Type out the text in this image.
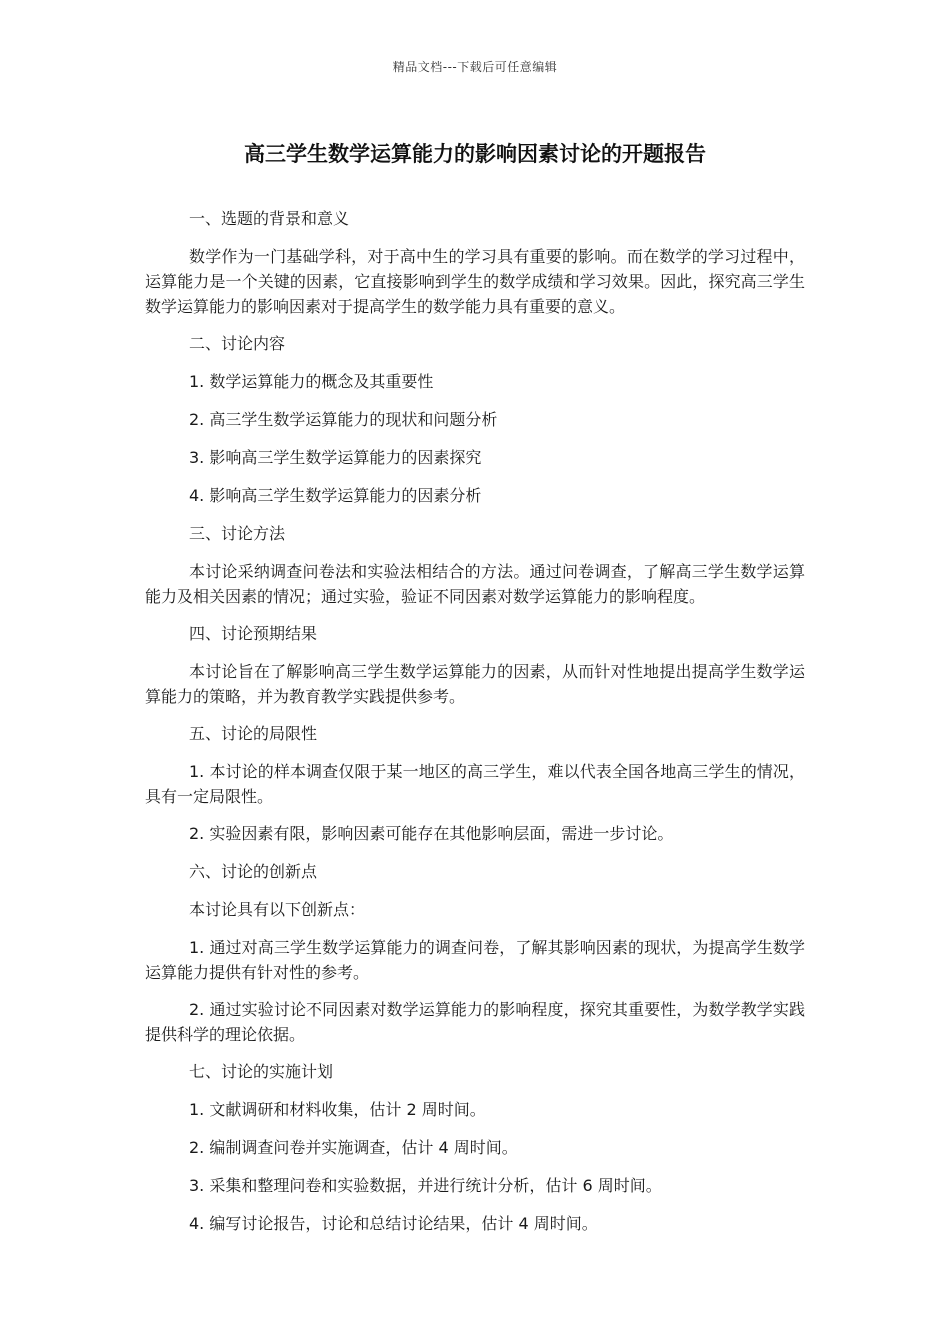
精品文档---下载后可任意编辑
高三学生数学运算能力的影响因素讨论的开题报告

一、选题的背景和意义

数学作为一门基础学科，对于高中生的学习具有重要的影响。而在数学的学习过程中，运算能力是一个关键的因素，它直接影响到学生的数学成绩和学习效果。因此，探究高三学生数学运算能力的影响因素对于提高学生的数学能力具有重要的意义。

二、讨论内容

1. 数学运算能力的概念及其重要性

2. 高三学生数学运算能力的现状和问题分析

3. 影响高三学生数学运算能力的因素探究

4. 影响高三学生数学运算能力的因素分析

三、讨论方法

本讨论采纳调查问卷法和实验法相结合的方法。通过问卷调查，了解高三学生数学运算能力及相关因素的情况；通过实验，验证不同因素对数学运算能力的影响程度。

四、讨论预期结果

本讨论旨在了解影响高三学生数学运算能力的因素，从而针对性地提出提高学生数学运算能力的策略，并为教育教学实践提供参考。

五、讨论的局限性

1. 本讨论的样本调查仅限于某一地区的高三学生，难以代表全国各地高三学生的情况，具有一定局限性。

2. 实验因素有限，影响因素可能存在其他影响层面，需进一步讨论。

六、讨论的创新点

本讨论具有以下创新点：

1. 通过对高三学生数学运算能力的调查问卷，了解其影响因素的现状，为提高学生数学运算能力提供有针对性的参考。

2. 通过实验讨论不同因素对数学运算能力的影响程度，探究其重要性，为数学教学实践提供科学的理论依据。

七、讨论的实施计划

1. 文献调研和材料收集，估计 2 周时间。

2. 编制调查问卷并实施调查，估计 4 周时间。

3. 采集和整理问卷和实验数据，并进行统计分析，估计 6 周时间。

4. 编写讨论报告，讨论和总结讨论结果，估计 4 周时间。
